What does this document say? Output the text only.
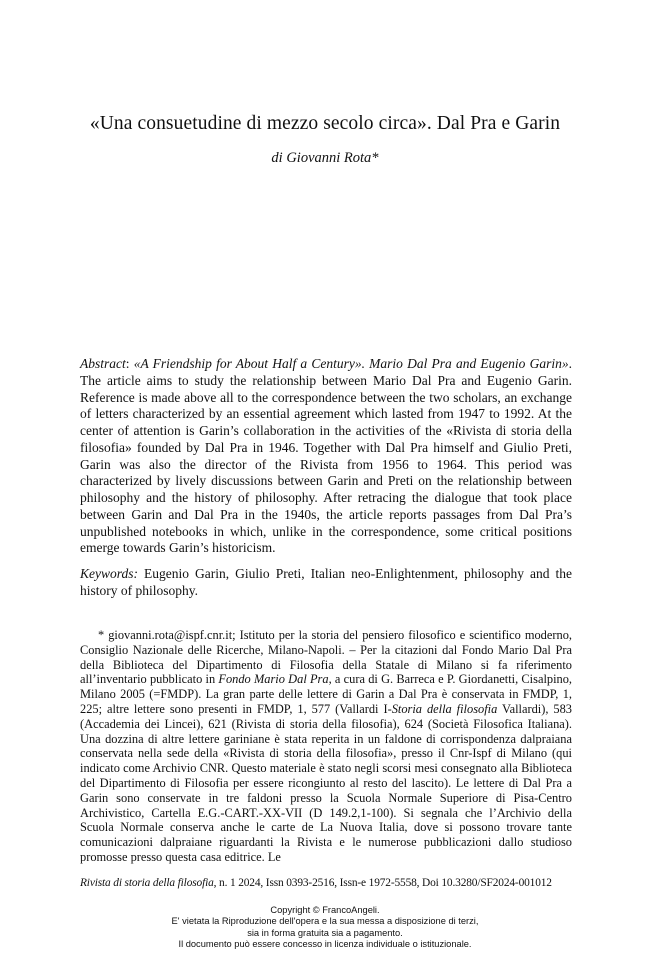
«Una consuetudine di mezzo secolo circa». Dal Pra e Garin
di Giovanni Rota*

Abstract: «A Friendship for About Half a Century». Mario Dal Pra and Eugenio Garin». The article aims to study the relationship between Mario Dal Pra and Eugenio Garin. Reference is made above all to the correspondence between the two scholars, an exchange of letters characterized by an essential agreement which lasted from 1947 to 1992. At the center of attention is Garin’s collaboration in the activities of the «Rivista di storia della filosofia» founded by Dal Pra in 1946. Together with Dal Pra himself and Giulio Preti, Garin was also the director of the Rivista from 1956 to 1964. This period was characterized by lively discussions between Garin and Preti on the relationship between philosophy and the history of philosophy. After retracing the dialogue that took place between Garin and Dal Pra in the 1940s, the article reports passages from Dal Pra’s unpublished notebooks in which, unlike in the correspondence, some critical positions emerge towards Garin’s historicism.

Keywords: Eugenio Garin, Giulio Preti, Italian neo-Enlightenment, philosophy and the history of philosophy.

* giovanni.rota@ispf.cnr.it; Istituto per la storia del pensiero filosofico e scientifico moderno, Consiglio Nazionale delle Ricerche, Milano-Napoli. – Per la citazioni dal Fondo Mario Dal Pra della Biblioteca del Dipartimento di Filosofia della Statale di Milano si fa riferimento all’inventario pubblicato in Fondo Mario Dal Pra, a cura di G. Barreca e P. Giordanetti, Cisalpino, Milano 2005 (=FMDP). La gran parte delle lettere di Garin a Dal Pra è conservata in FMDP, 1, 225; altre lettere sono presenti in FMDP, 1, 577 (Vallardi I-Storia della filosofia Vallardi), 583 (Accademia dei Lincei), 621 (Rivista di storia della filosofia), 624 (Società Filosofica Italiana). Una dozzina di altre lettere gariniane è stata reperita in un faldone di corrispondenza dalpraiana conservata nella sede della «Rivista di storia della filosofia», presso il Cnr-Ispf di Milano (qui indicato come Archivio CNR. Questo materiale è stato negli scorsi mesi consegnato alla Biblioteca del Dipartimento di Filosofia per essere ricongiunto al resto del lascito). Le lettere di Dal Pra a Garin sono conservate in tre faldoni presso la Scuola Normale Superiore di Pisa-Centro Archivistico, Cartella E.G.-CART.-XX-VII (D 149.2,1-100). Si segnala che l’Archivio della Scuola Normale conserva anche le carte de La Nuova Italia, dove si possono trovare tante comunicazioni dalpraiane riguardanti la Rivista e le numerose pubblicazioni dallo studioso promosse presso questa casa editrice. Le

Rivista di storia della filosofia, n. 1 2024, Issn 0393-2516, Issn-e 1972-5558, Doi 10.3280/SF2024-001012
Copyright © FrancoAngeli.
E' vietata la Riproduzione dell'opera e la sua messa a disposizione di terzi,
sia in forma gratuita sia a pagamento.
Il documento può essere concesso in licenza individuale o istituzionale.
